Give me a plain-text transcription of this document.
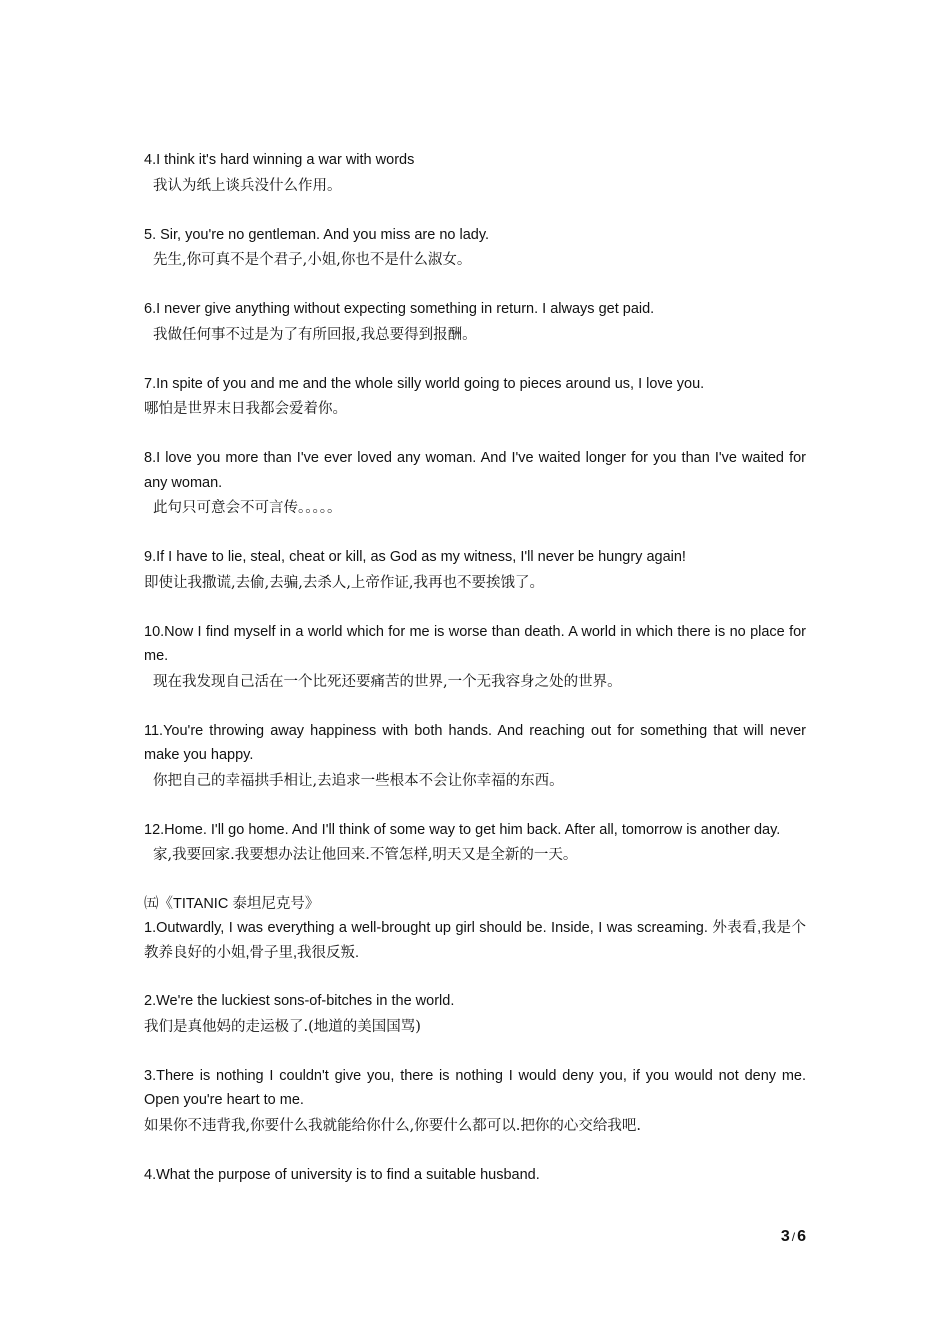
4.I think it's hard winning a war with words

我认为纸上谈兵没什么作用。

5. Sir, you're no gentleman. And you miss are no lady.

先生,你可真不是个君子,小姐,你也不是什么淑女。

6.I never give anything without expecting something in return. I always get paid.

我做任何事不过是为了有所回报,我总要得到报酬。

7.In spite of you and me and the whole silly world going to pieces around us, I love you.

哪怕是世界末日我都会爱着你。

8.I love you more than I've ever loved any woman. And I've waited longer for you than I've waited for any woman.

此句只可意会不可言传。。。。。

9.If I have to lie, steal, cheat or kill, as God as my witness, I'll never be hungry again!

即使让我撒谎,去偷,去骗,去杀人,上帝作证,我再也不要挨饿了。

10.Now I find myself in a world which for me is worse than death. A world in which there is no place for me.

现在我发现自己活在一个比死还要痛苦的世界,一个无我容身之处的世界。

11.You're throwing away happiness with both hands. And reaching out for something that will never make you happy.

你把自己的幸福拱手相让,去追求一些根本不会让你幸福的东西。

12.Home. I'll go home. And I'll think of some way to get him back. After all, tomorrow is another day.

家,我要回家.我要想办法让他回来.不管怎样,明天又是全新的一天。

㈤《TITANIC 泰坦尼克号》

1.Outwardly, I was everything a well-brought up girl should be. Inside, I was screaming. 外表看,我是个教养良好的小姐,骨子里,我很反叛.

2.We're the luckiest sons-of-bitches in the world.

我们是真他妈的走运极了.(地道的美国国骂)

3.There is nothing I couldn't give you, there is nothing I would deny you, if you would not deny me. Open you're heart to me.

如果你不违背我,你要什么我就能给你什么,你要什么都可以.把你的心交给我吧.

4.What the purpose of university is to find a suitable husband.

3 / 6
